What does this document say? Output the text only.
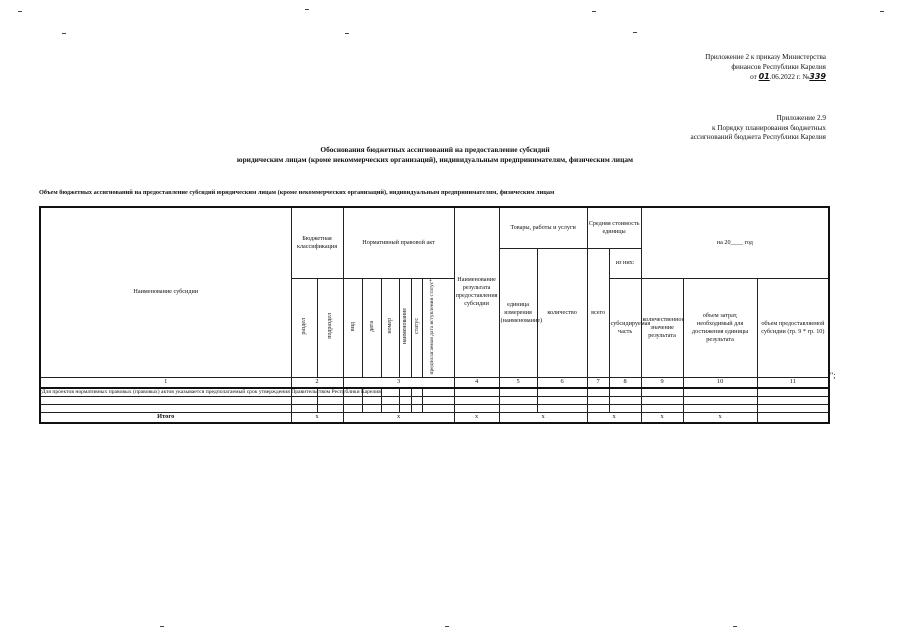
Приложение 2 к приказу Министерства
финансов Республики Карелия
от 01.06.2022 г. №339
Приложение 2.9
к Порядку планирования бюджетных
ассигнований бюджета Республики Карелия
Обоснования бюджетных ассигнований на предоставление субсидий
юридическим лицам (кроме некоммерческих организаций), индивидуальным предпринимателям, физическим лицам
Объем бюджетных ассигнований на предоставление субсидий юридическим лицам (кроме некоммерческих организаций), индивидуальным предпринимателям, физическим лицам
Наименование субсидии	Бюджетная классификация		Нормативный правовой акт						Наименование результата предоставления субсидии	Товары, работы и услуги		Средняя стоимость единицы		на 20____ год		
										единица измерения (наименование)	количество	всего	из них:			
	раздел	подраздел	вид	дата	номер	наименование	статус	предполагаемая дата вступления статус*					субсидируемая часть	количественное значение результата	объем затрат, необходимый для достижения единицы результата	объем предоставляемой субсидии (гр. 9 * гр. 10)
1	2		3						4	5	6	7	8	9	10	11

Итого	x		x						x	x		x		x	x	
";
*Для проектов нормативных правовых (правовых) актов указывается предполагаемый срок утверждения Правительством Республики Карелия.
